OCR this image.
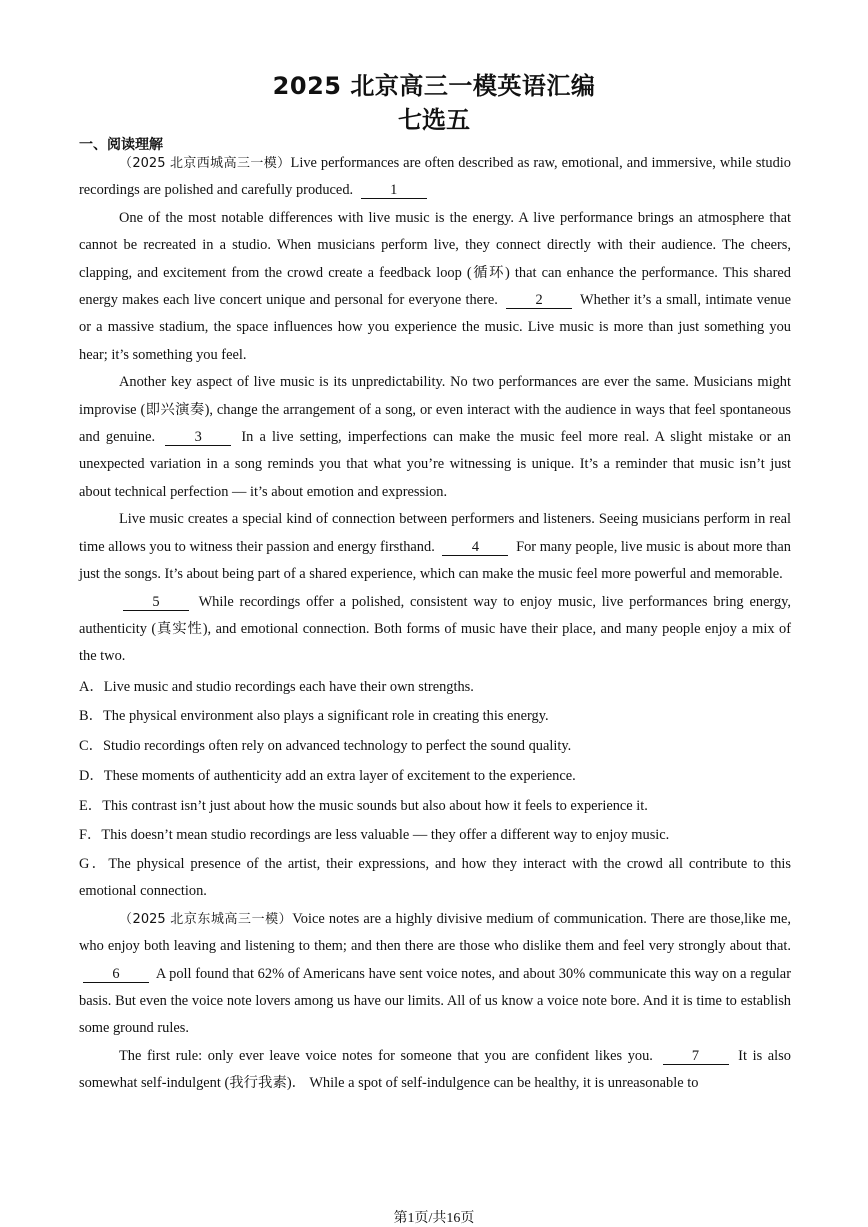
2025 北京高三一模英语汇编
七选五
一、阅读理解

（2025 北京西城高三一模）Live performances are often described as raw, emotional, and immersive, while studio recordings are polished and carefully produced.	1

One of the most notable differences with live music is the energy. A live performance brings an atmosphere that cannot be recreated in a studio. When musicians perform live, they connect directly with their audience. The cheers, clapping, and excitement from the crowd create a feedback loop (循环) that can enhance the performance. This shared energy makes each live concert unique and personal for everyone there.	2	Whether it’s a small, intimate venue or a massive stadium, the space influences how you experience the music. Live music is more than just something you hear; it’s something you feel.

Another key aspect of live music is its unpredictability. No two performances are ever the same. Musicians might improvise (即兴演奏), change the arrangement of a song, or even interact with the audience in ways that feel spontaneous and genuine.	3	In a live setting, imperfections can make the music feel more real. A slight mistake or an unexpected variation in a song reminds you that what you’re witnessing is unique. It’s a reminder that music isn’t just about technical perfection — it’s about emotion and expression.

Live music creates a special kind of connection between performers and listeners. Seeing musicians perform in real time allows you to witness their passion and energy firsthand.	4	For many people, live music is about more than just the songs. It’s about being part of a shared experience, which can make the music feel more powerful and memorable.

5	While recordings offer a polished, consistent way to enjoy music, live performances bring energy, authenticity (真实性), and emotional connection. Both forms of music have their place, and many people enjoy a mix of the two.

A．Live music and studio recordings each have their own strengths.

B．The physical environment also plays a significant role in creating this energy.

C．Studio recordings often rely on advanced technology to perfect the sound quality.

D．These moments of authenticity add an extra layer of excitement to the experience.

E．This contrast isn’t just about how the music sounds but also about how it feels to experience it.

F．This doesn’t mean studio recordings are less valuable — they offer a different way to enjoy music.

G．The physical presence of the artist, their expressions, and how they interact with the crowd all contribute to this emotional connection.

（2025 北京东城高三一模）Voice notes are a highly divisive medium of communication. There are those,like me, who enjoy both leaving and listening to them; and then there are those who dislike them and feel very strongly about that. 6	A poll found that 62% of Americans have sent voice notes, and about 30% communicate this way on a regular basis. But even the voice note lovers among us have our limits. All of us know a voice note bore. And it is time to establish some ground rules.

The first rule: only ever leave voice notes for someone that you are confident likes you.	7	It is also somewhat self-indulgent (我行我素)． While a spot of self-indulgence can be healthy, it is unreasonable to

第1页/共16页
